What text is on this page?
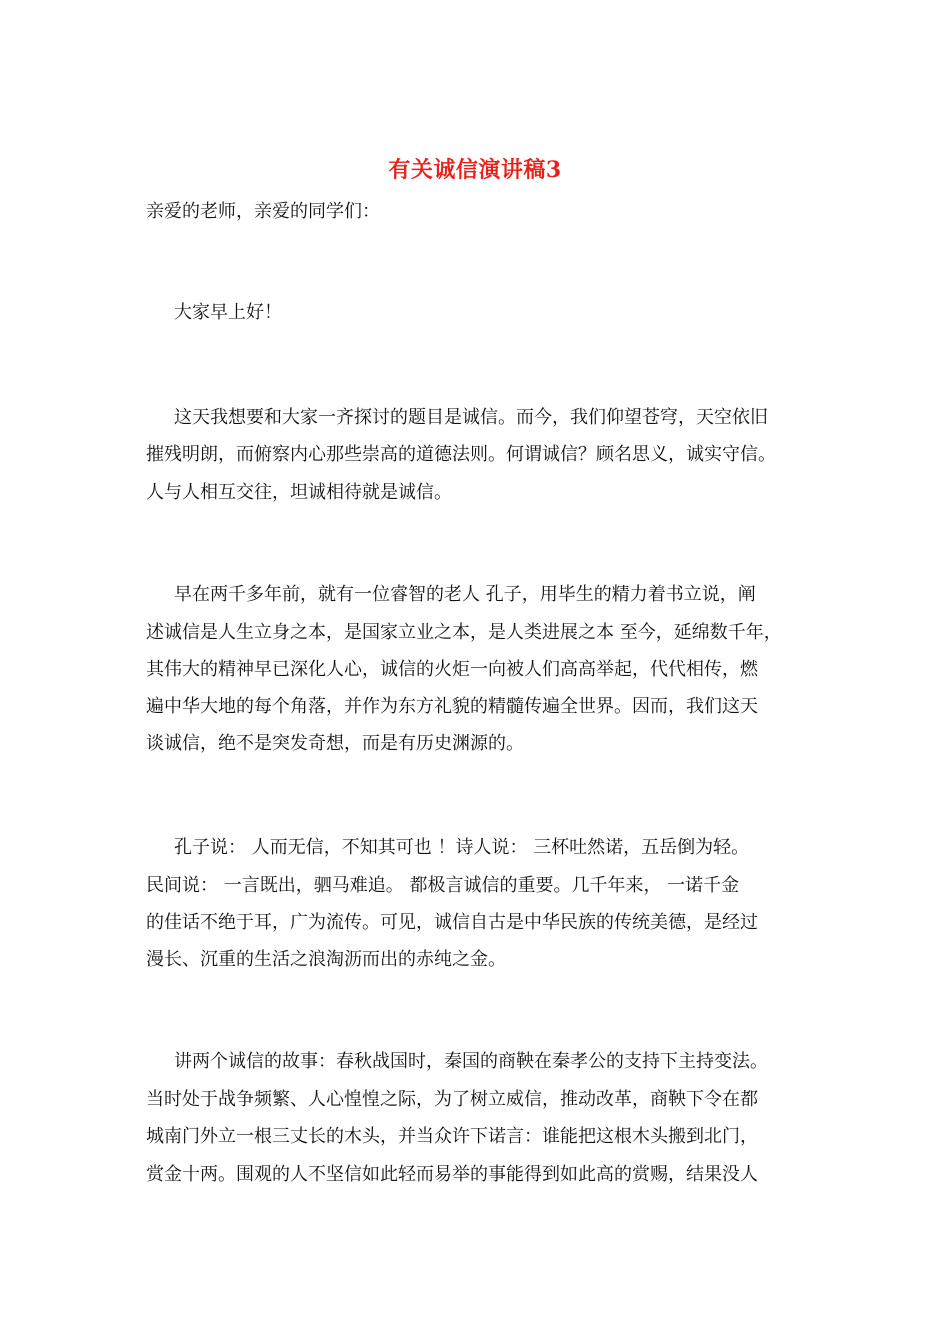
有关诚信演讲稿3
亲爱的老师，亲爱的同学们：
大家早上好！
这天我想要和大家一齐探讨的题目是诚信。而今，我们仰望苍穹，天空依旧
摧残明朗，而俯察内心那些崇高的道德法则。何谓诚信？顾名思义，诚实守信。
人与人相互交往，坦诚相待就是诚信。
早在两千多年前，就有一位睿智的老人 孔子，用毕生的精力着书立说，阐
述诚信是人生立身之本，是国家立业之本，是人类进展之本 至今，延绵数千年，
其伟大的精神早已深化人心，诚信的火炬一向被人们高高举起，代代相传，燃
遍中华大地的每个角落，并作为东方礼貌的精髓传遍全世界。因而，我们这天
谈诚信，绝不是突发奇想，而是有历史渊源的。
孔子说： 人而无信，不知其可也 ！诗人说： 三杯吐然诺，五岳倒为轻。
民间说： 一言既出，驷马难追。 都极言诚信的重要。几千年来， 一诺千金
的佳话不绝于耳，广为流传。可见，诚信自古是中华民族的传统美德，是经过
漫长、沉重的生活之浪淘沥而出的赤纯之金。
讲两个诚信的故事：春秋战国时，秦国的商鞅在秦孝公的支持下主持变法。
当时处于战争频繁、人心惶惶之际，为了树立威信，推动改革，商鞅下令在都
城南门外立一根三丈长的木头，并当众许下诺言：谁能把这根木头搬到北门，
赏金十两。围观的人不坚信如此轻而易举的事能得到如此高的赏赐，结果没人
